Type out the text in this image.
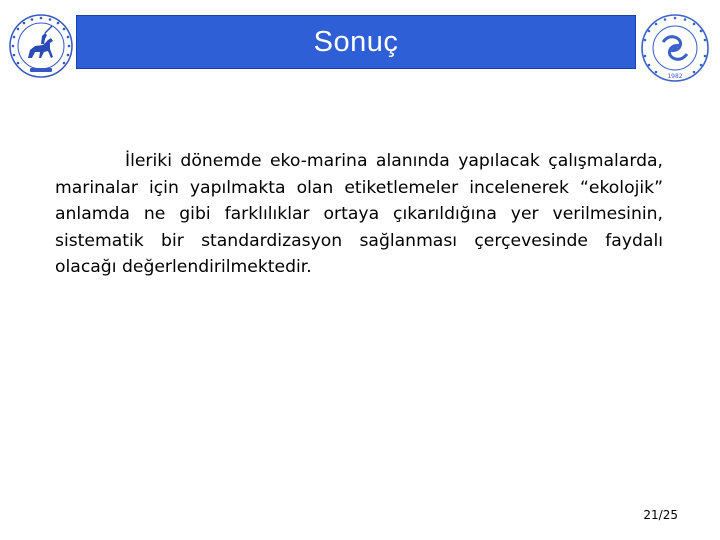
Sonuç
1982

İleriki dönemde eko-marina alanında yapılacak çalışmalarda, marinalar için yapılmakta olan etiketlemeler incelenerek “ekolojik” anlamda ne gibi farklılıklar ortaya çıkarıldığına yer verilmesinin, sistematik bir standardizasyon sağlanması çerçevesinde faydalı olacağı değerlendirilmektedir.

21/25
